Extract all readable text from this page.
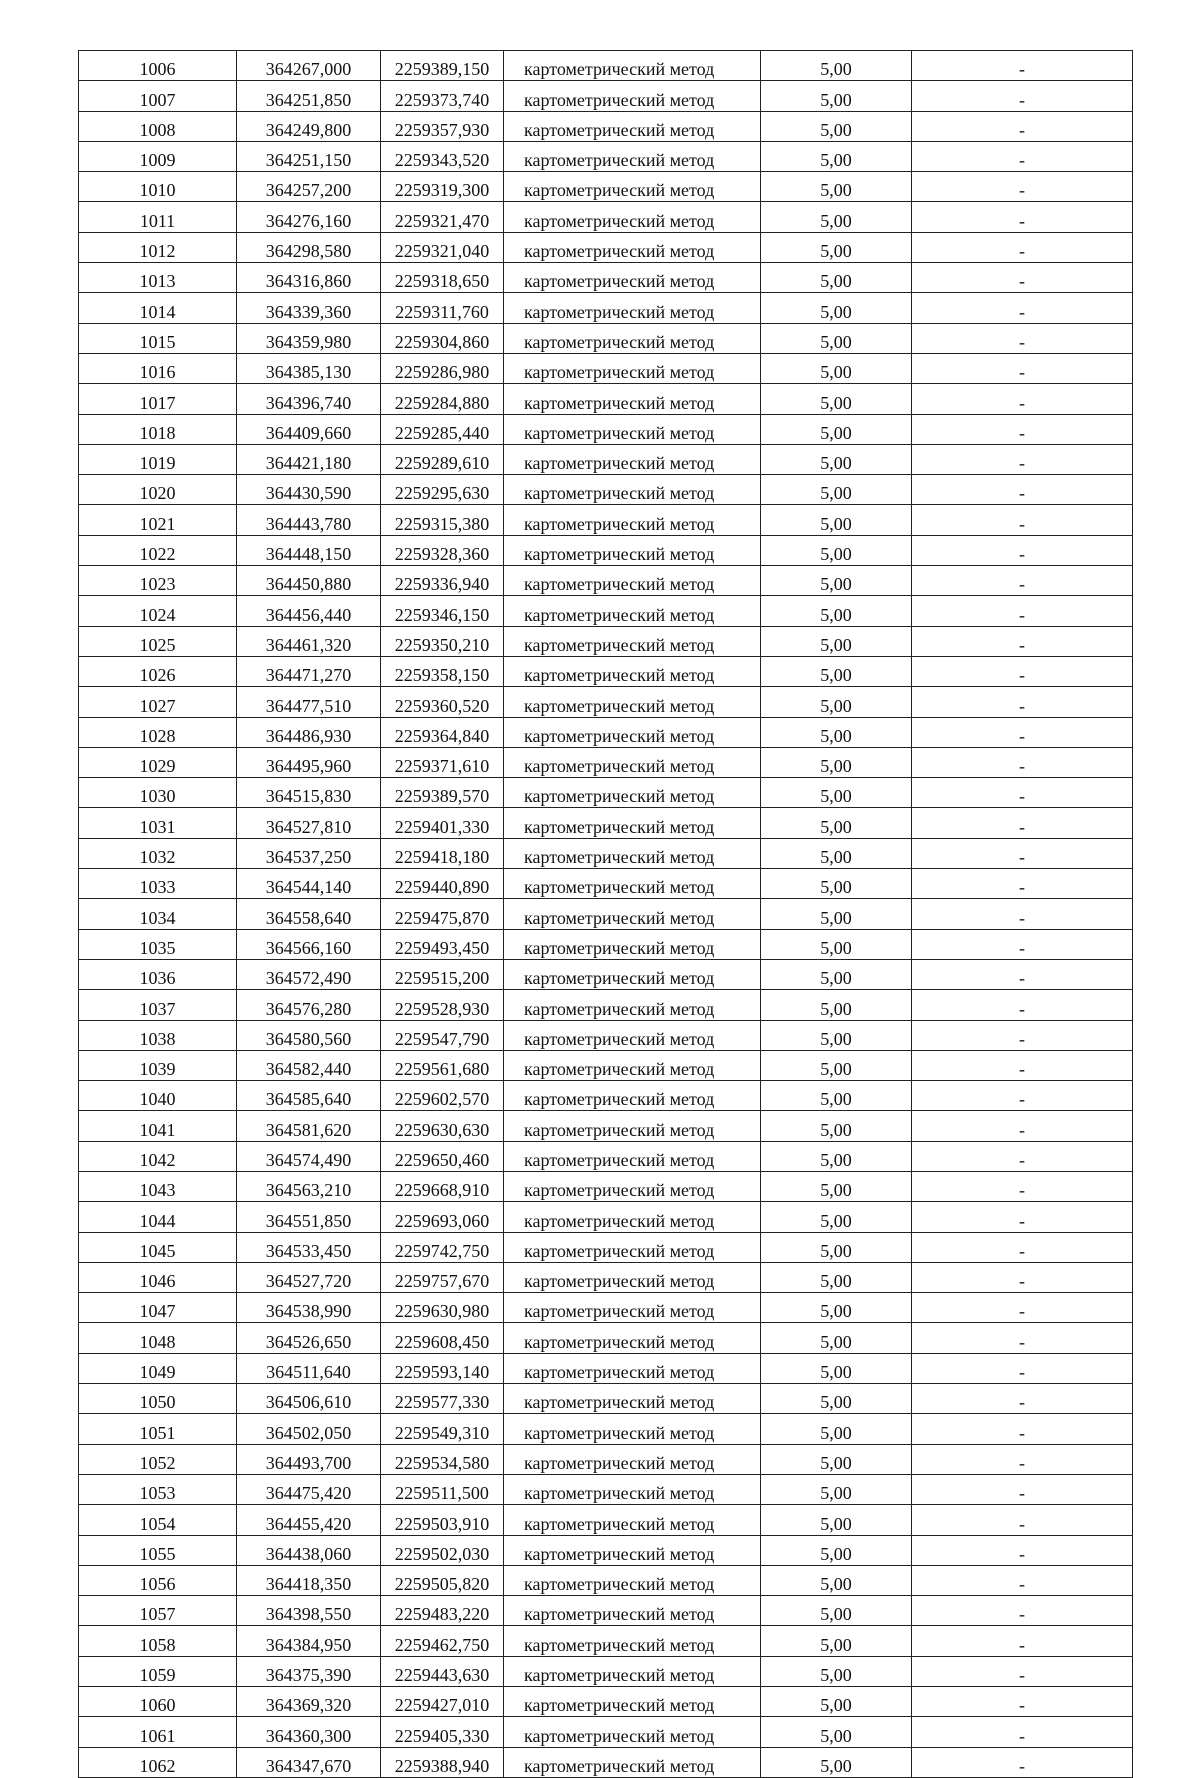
1006	364267,000	2259389,150	картометрический метод	5,00	-
1007	364251,850	2259373,740	картометрический метод	5,00	-
1008	364249,800	2259357,930	картометрический метод	5,00	-
1009	364251,150	2259343,520	картометрический метод	5,00	-
1010	364257,200	2259319,300	картометрический метод	5,00	-
1011	364276,160	2259321,470	картометрический метод	5,00	-
1012	364298,580	2259321,040	картометрический метод	5,00	-
1013	364316,860	2259318,650	картометрический метод	5,00	-
1014	364339,360	2259311,760	картометрический метод	5,00	-
1015	364359,980	2259304,860	картометрический метод	5,00	-
1016	364385,130	2259286,980	картометрический метод	5,00	-
1017	364396,740	2259284,880	картометрический метод	5,00	-
1018	364409,660	2259285,440	картометрический метод	5,00	-
1019	364421,180	2259289,610	картометрический метод	5,00	-
1020	364430,590	2259295,630	картометрический метод	5,00	-
1021	364443,780	2259315,380	картометрический метод	5,00	-
1022	364448,150	2259328,360	картометрический метод	5,00	-
1023	364450,880	2259336,940	картометрический метод	5,00	-
1024	364456,440	2259346,150	картометрический метод	5,00	-
1025	364461,320	2259350,210	картометрический метод	5,00	-
1026	364471,270	2259358,150	картометрический метод	5,00	-
1027	364477,510	2259360,520	картометрический метод	5,00	-
1028	364486,930	2259364,840	картометрический метод	5,00	-
1029	364495,960	2259371,610	картометрический метод	5,00	-
1030	364515,830	2259389,570	картометрический метод	5,00	-
1031	364527,810	2259401,330	картометрический метод	5,00	-
1032	364537,250	2259418,180	картометрический метод	5,00	-
1033	364544,140	2259440,890	картометрический метод	5,00	-
1034	364558,640	2259475,870	картометрический метод	5,00	-
1035	364566,160	2259493,450	картометрический метод	5,00	-
1036	364572,490	2259515,200	картометрический метод	5,00	-
1037	364576,280	2259528,930	картометрический метод	5,00	-
1038	364580,560	2259547,790	картометрический метод	5,00	-
1039	364582,440	2259561,680	картометрический метод	5,00	-
1040	364585,640	2259602,570	картометрический метод	5,00	-
1041	364581,620	2259630,630	картометрический метод	5,00	-
1042	364574,490	2259650,460	картометрический метод	5,00	-
1043	364563,210	2259668,910	картометрический метод	5,00	-
1044	364551,850	2259693,060	картометрический метод	5,00	-
1045	364533,450	2259742,750	картометрический метод	5,00	-
1046	364527,720	2259757,670	картометрический метод	5,00	-
1047	364538,990	2259630,980	картометрический метод	5,00	-
1048	364526,650	2259608,450	картометрический метод	5,00	-
1049	364511,640	2259593,140	картометрический метод	5,00	-
1050	364506,610	2259577,330	картометрический метод	5,00	-
1051	364502,050	2259549,310	картометрический метод	5,00	-
1052	364493,700	2259534,580	картометрический метод	5,00	-
1053	364475,420	2259511,500	картометрический метод	5,00	-
1054	364455,420	2259503,910	картометрический метод	5,00	-
1055	364438,060	2259502,030	картометрический метод	5,00	-
1056	364418,350	2259505,820	картометрический метод	5,00	-
1057	364398,550	2259483,220	картометрический метод	5,00	-
1058	364384,950	2259462,750	картометрический метод	5,00	-
1059	364375,390	2259443,630	картометрический метод	5,00	-
1060	364369,320	2259427,010	картометрический метод	5,00	-
1061	364360,300	2259405,330	картометрический метод	5,00	-
1062	364347,670	2259388,940	картометрический метод	5,00	-
